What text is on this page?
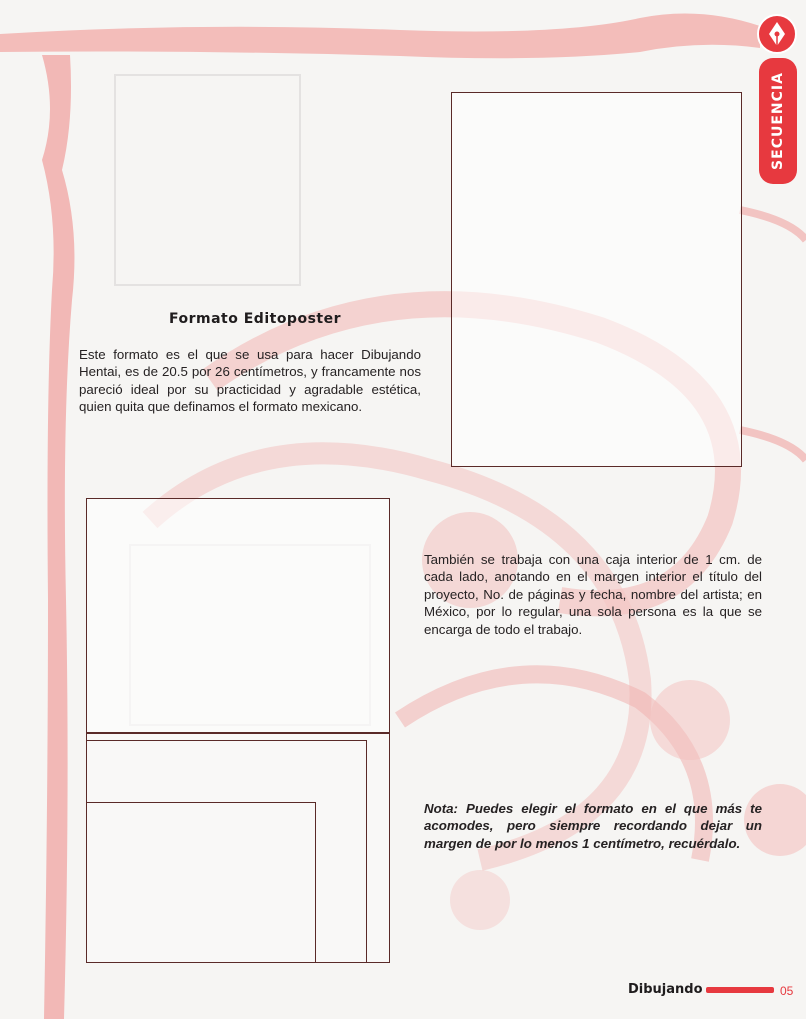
SECUENCIA
Formato Editoposter

Este formato es el que se usa para hacer Dibujando Hentai, es de 20.5 por 26 centímetros, y francamente nos pareció ideal por su practicidad y agradable estética, quien quita que definamos el formato mexicano.

También se trabaja con una caja interior de 1 cm. de cada lado, anotando en el margen interior el título del proyecto, No. de páginas y fecha, nombre del artista; en México, por lo regular, una sola persona es la que se encarga de todo el trabajo.

Nota: Puedes elegir el formato en el que más te acomodes, pero siempre recordando dejar un margen de por lo menos 1 centímetro, recuérdalo.

Dibujando	05
